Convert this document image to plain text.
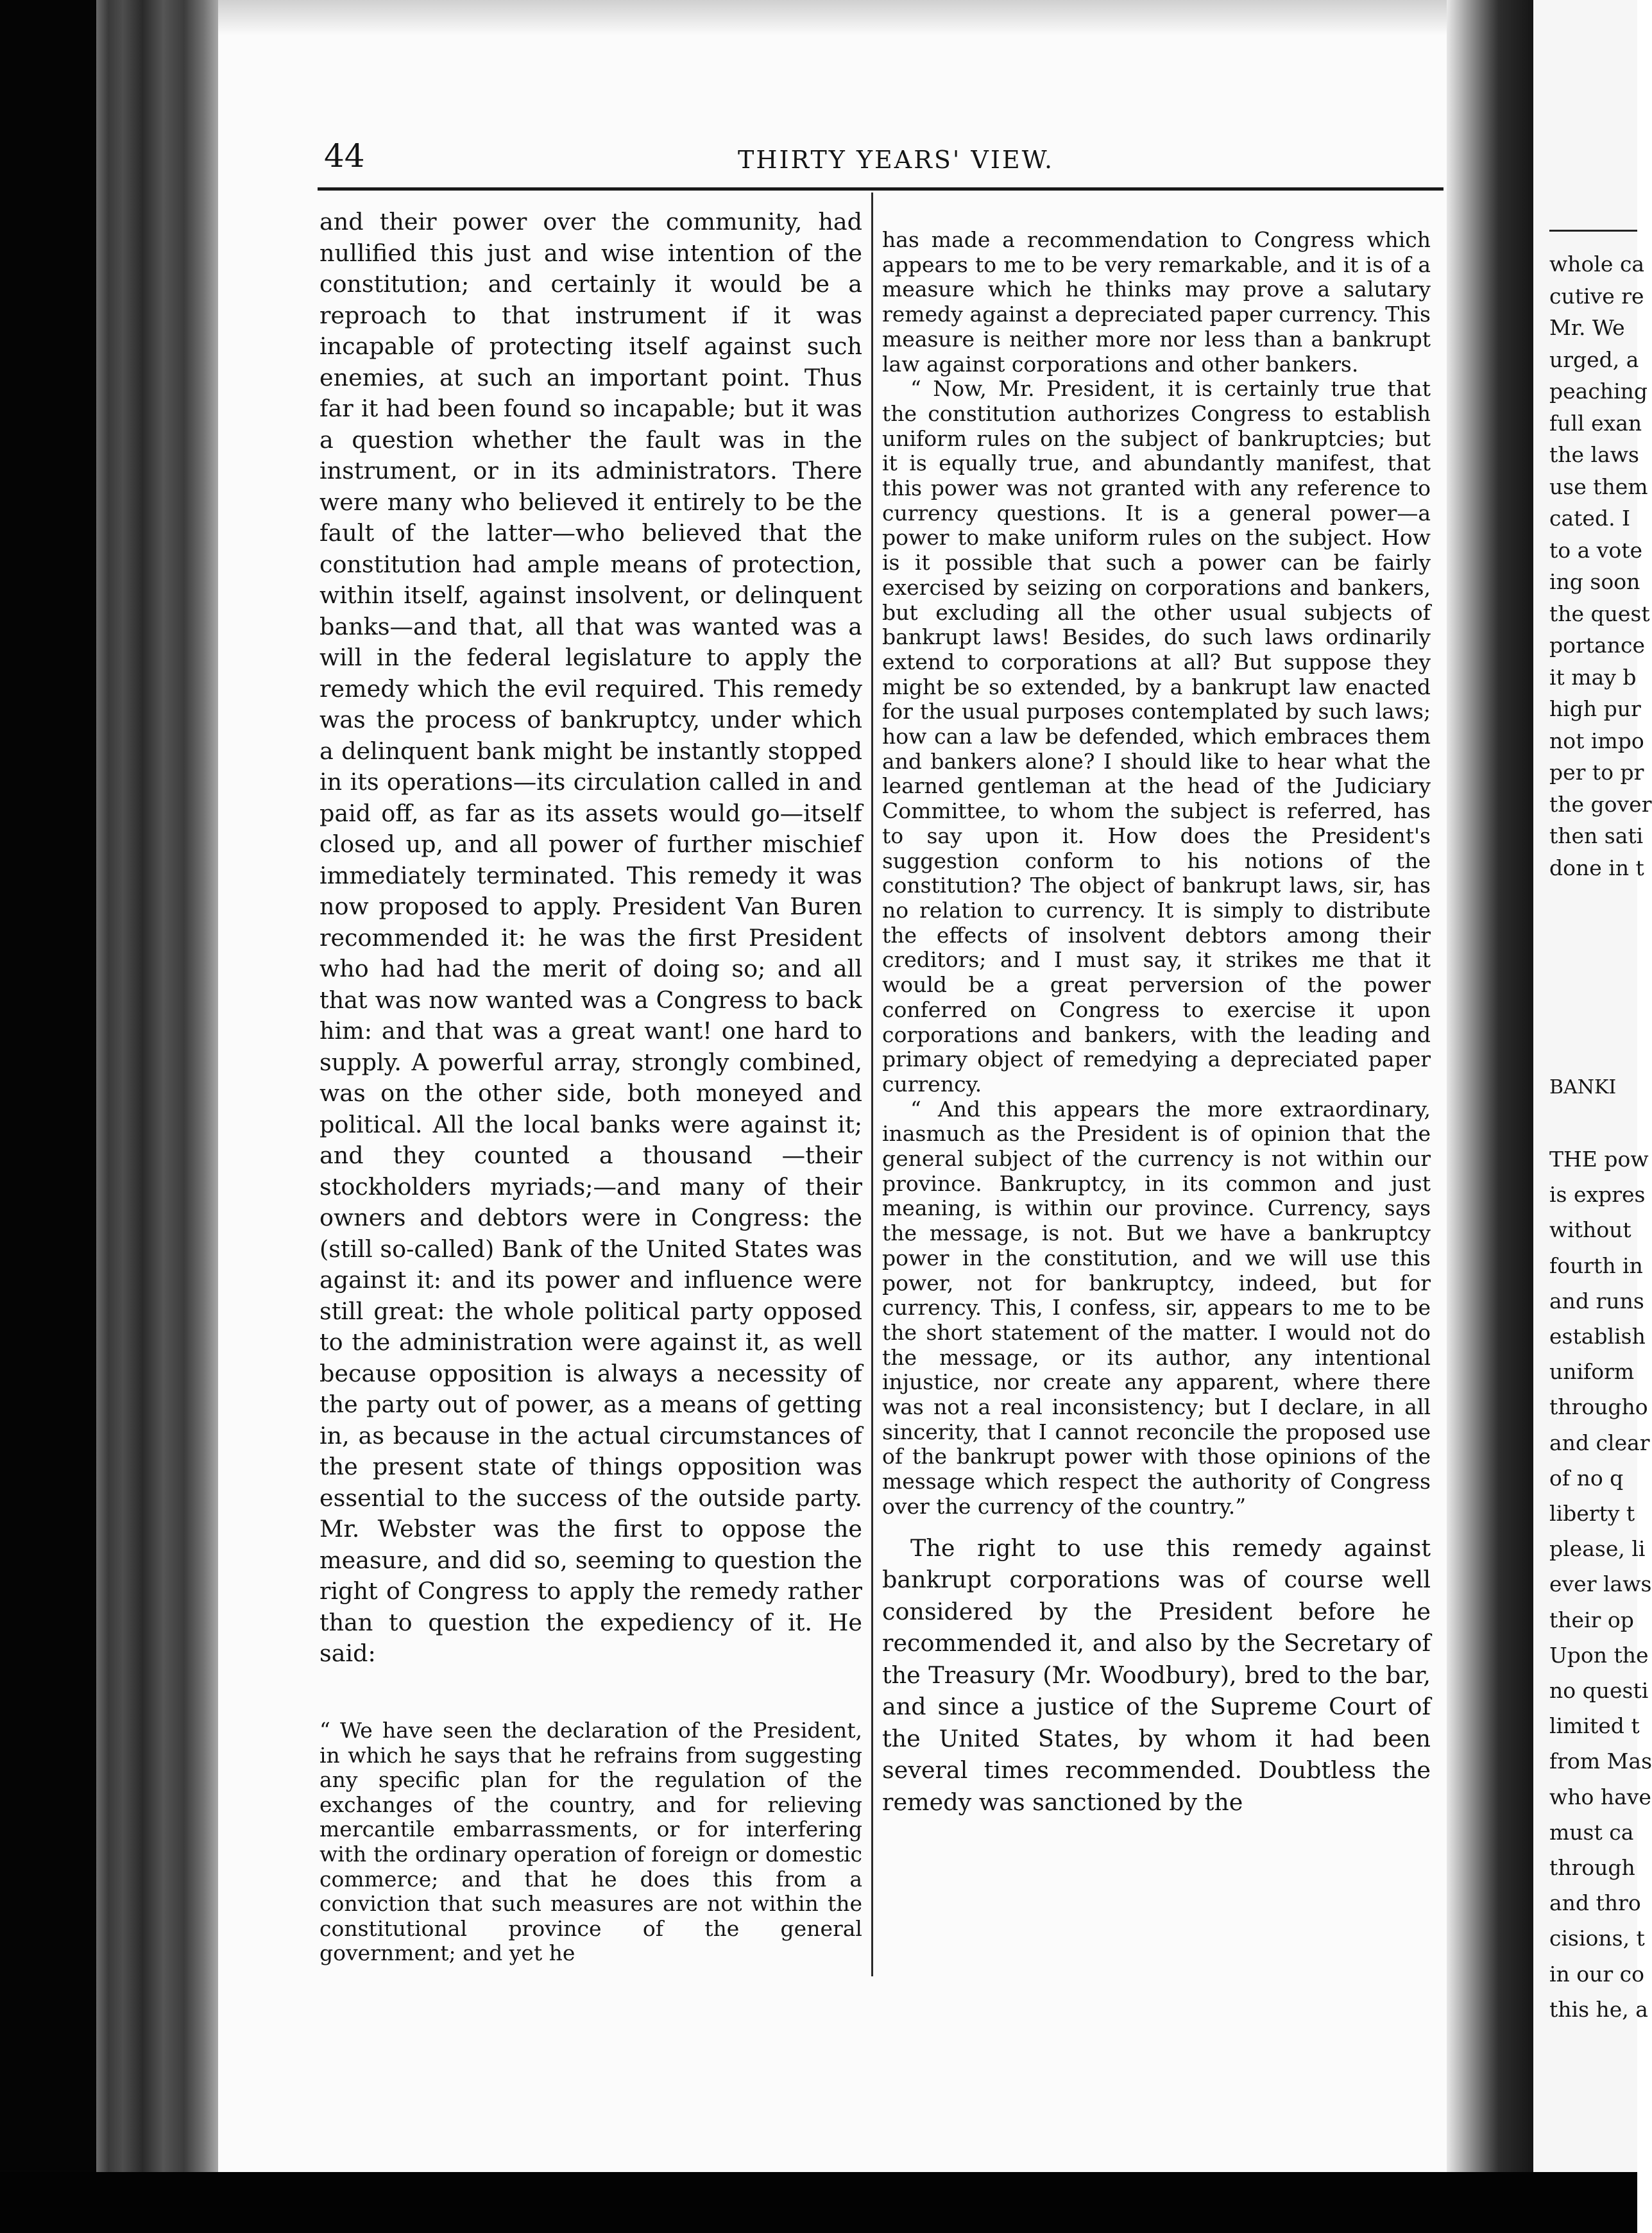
44	THIRTY YEARS' VIEW.

and their power over the community, had nullified this just and wise intention of the constitution; and certainly it would be a reproach to that instrument if it was incapable of protecting itself against such enemies, at such an important point. Thus far it had been found so incapable; but it was a question whether the fault was in the instrument, or in its administrators. There were many who believed it entirely to be the fault of the latter—who believed that the constitution had ample means of protection, within itself, against insolvent, or delinquent banks—and that, all that was wanted was a will in the federal legislature to apply the remedy which the evil required. This remedy was the process of bankruptcy, under which a delinquent bank might be instantly stopped in its operations—its circulation called in and paid off, as far as its assets would go—itself closed up, and all power of further mischief immediately terminated. This remedy it was now proposed to apply. President Van Buren recommended it: he was the first President who had had the merit of doing so; and all that was now wanted was a Congress to back him: and that was a great want! one hard to supply. A powerful array, strongly combined, was on the other side, both moneyed and political. All the local banks were against it; and they counted a thousand —their stockholders myriads;—and many of their owners and debtors were in Congress: the (still so-called) Bank of the United States was against it: and its power and influence were still great: the whole political party opposed to the administration were against it, as well because opposition is always a necessity of the party out of power, as a means of getting in, as because in the actual circumstances of the present state of things opposition was essential to the success of the outside party. Mr. Webster was the first to oppose the measure, and did so, seeming to question the right of Congress to apply the remedy rather than to question the expediency of it. He said:

“ We have seen the declaration of the President, in which he says that he refrains from suggesting any specific plan for the regulation of the exchanges of the country, and for relieving mercantile embarrassments, or for interfering with the ordinary operation of foreign or domestic commerce; and that he does this from a conviction that such measures are not within the constitutional province of the general government; and yet he

has made a recommendation to Congress which appears to me to be very remarkable, and it is of a measure which he thinks may prove a salutary remedy against a depreciated paper currency. This measure is neither more nor less than a bankrupt law against corporations and other bankers.

“ Now, Mr. President, it is certainly true that the constitution authorizes Congress to establish uniform rules on the subject of bankruptcies; but it is equally true, and abundantly manifest, that this power was not granted with any reference to currency questions. It is a general power—a power to make uniform rules on the subject. How is it possible that such a power can be fairly exercised by seizing on corporations and bankers, but excluding all the other usual subjects of bankrupt laws! Besides, do such laws ordinarily extend to corporations at all? But suppose they might be so extended, by a bankrupt law enacted for the usual purposes contemplated by such laws; how can a law be defended, which embraces them and bankers alone? I should like to hear what the learned gentleman at the head of the Judiciary Committee, to whom the subject is referred, has to say upon it. How does the President's suggestion conform to his notions of the constitution? The object of bankrupt laws, sir, has no relation to currency. It is simply to distribute the effects of insolvent debtors among their creditors; and I must say, it strikes me that it would be a great perversion of the power conferred on Congress to exercise it upon corporations and bankers, with the leading and primary object of remedying a depreciated paper currency.

“ And this appears the more extraordinary, inasmuch as the President is of opinion that the general subject of the currency is not within our province. Bankruptcy, in its common and just meaning, is within our province. Currency, says the message, is not. But we have a bankruptcy power in the constitution, and we will use this power, not for bankruptcy, indeed, but for currency. This, I confess, sir, appears to me to be the short statement of the matter. I would not do the message, or its author, any intentional injustice, nor create any apparent, where there was not a real inconsistency; but I declare, in all sincerity, that I cannot reconcile the proposed use of the bankrupt power with those opinions of the message which respect the authority of Congress over the currency of the country.”

The right to use this remedy against bankrupt corporations was of course well considered by the President before he recommended it, and also by the Secretary of the Treasury (Mr. Woodbury), bred to the bar, and since a justice of the Supreme Court of the United States, by whom it had been several times recommended. Doubtless the remedy was sanctioned by the

whole ca
cutive re
Mr. We
urged, a
peaching
full exan
the laws
use them
cated. I
to a vote
ing soon
the quest
portance
it may b
high pur
not impo
per to pr
the gover
then sati
done in t
BANKI
THE pow
is expres
without
fourth in
and runs
establish
uniform
througho
and clear
of no q
liberty t
please, li
ever laws
their op
Upon the
no questi
limited t
from Mas
who have
must ca
through
and thro
cisions, t
in our co
this he, a
